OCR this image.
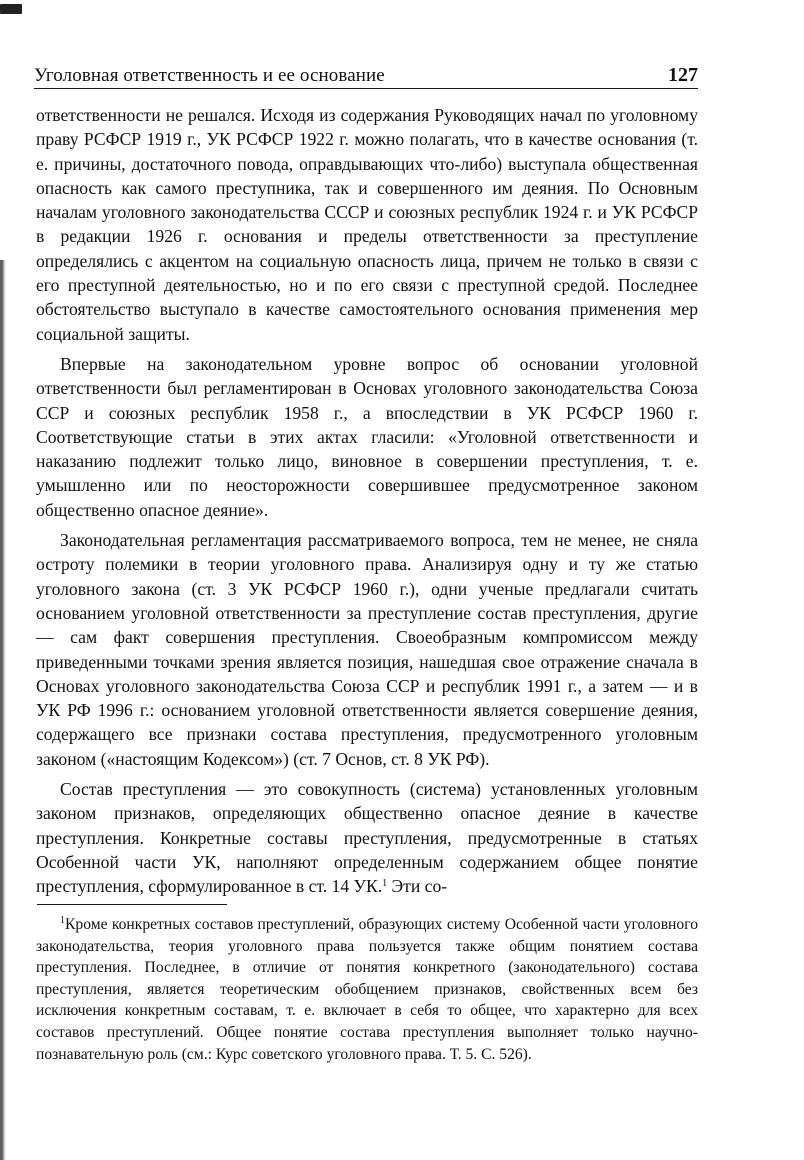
Уголовная ответственность и ее основание	127

ответственности не решался. Исходя из содержания Руководящих начал по уголовному праву РСФСР 1919 г., УК РСФСР 1922 г. можно полагать, что в качестве основания (т. е. причины, достаточного повода, оправдывающих что-либо) выступала общественная опасность как самого преступника, так и совершенного им деяния. По Основным началам уголовного законодательства СССР и союзных республик 1924 г. и УК РСФСР в редакции 1926 г. основания и пределы ответственности за преступление определялись с акцентом на социальную опасность лица, причем не только в связи с его преступной деятельностью, но и по его связи с преступной средой. Последнее обстоятельство выступало в качестве самостоятельного основания применения мер социальной защиты.

Впервые на законодательном уровне вопрос об основании уголовной ответственности был регламентирован в Основах уголовного законодательства Союза ССР и союзных республик 1958 г., а впоследствии в УК РСФСР 1960 г. Соответствующие статьи в этих актах гласили: «Уголовной ответственности и наказанию подлежит только лицо, виновное в совершении преступления, т. е. умышленно или по неосторожности совершившее предусмотренное законом общественно опасное деяние».

Законодательная регламентация рассматриваемого вопроса, тем не менее, не сняла остроту полемики в теории уголовного права. Анализируя одну и ту же статью уголовного закона (ст. 3 УК РСФСР 1960 г.), одни ученые предлагали считать основанием уголовной ответственности за преступление состав преступления, другие — сам факт совершения преступления. Своеобразным компромиссом между приведенными точками зрения является позиция, нашедшая свое отражение сначала в Основах уголовного законодательства Союза ССР и республик 1991 г., а затем — и в УК РФ 1996 г.: основанием уголовной ответственности является совершение деяния, содержащего все признаки состава преступления, предусмотренного уголовным законом («настоящим Кодексом») (ст. 7 Основ, ст. 8 УК РФ).

Состав преступления — это совокупность (система) установленных уголовным законом признаков, определяющих общественно опасное деяние в качестве преступления. Конкретные составы преступления, предусмотренные в статьях Особенной части УК, наполняют определенным содержанием общее понятие преступления, сформулированное в ст. 14 УК.$^1$ Эти со-

$^1$Кроме конкретных составов преступлений, образующих систему Особенной части уголовного законодательства, теория уголовного права пользуется также общим понятием состава преступления. Последнее, в отличие от понятия конкретного (законодательного) состава преступления, является теоретическим обобщением признаков, свойственных всем без исключения конкретным составам, т. е. включает в себя то общее, что характерно для всех составов преступлений. Общее понятие состава преступления выполняет только научно-познавательную роль (см.: Курс советского уголовного права. Т. 5. С. 526).
